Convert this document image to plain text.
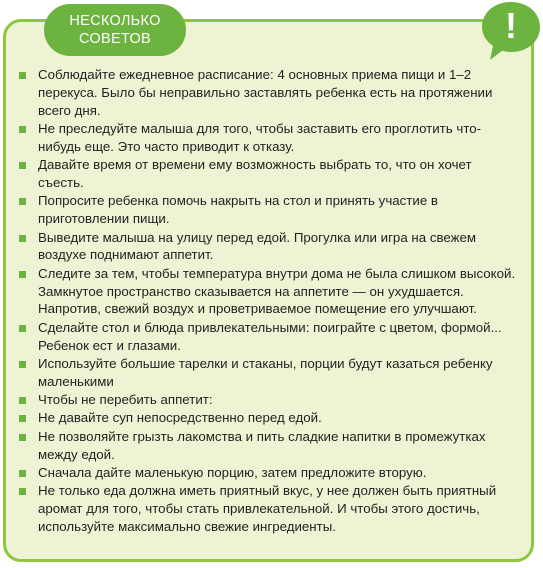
НЕСКОЛЬКО
СОВЕТОВ	!
Соблюдайте ежедневное расписание: 4 основных приема пищи и 1–2 перекуса. Было бы неправильно заставлять ребенка есть на протяжении всего дня.
Не преследуйте малыша для того, чтобы заставить его проглотить что-нибудь еще. Это часто приводит к отказу.
Давайте время от времени ему возможность выбрать то, что он хочет съесть.
Попросите ребенка помочь накрыть на стол и принять участие в приготовлении пищи.
Выведите малыша на улицу перед едой. Прогулка или игра на свежем воздухе поднимают аппетит.
Следите за тем, чтобы температура внутри дома не была слишком высокой. Замкнутое пространство сказывается на аппетите — он ухудшается. Напротив, свежий воздух и проветриваемое помещение его улучшают.
Сделайте стол и блюда привлекательными: поиграйте с цветом, формой... Ребенок ест и глазами.
Используйте большие тарелки и стаканы, порции будут казаться ребенку маленькими
Чтобы не перебить аппетит:
Не давайте суп непосредственно перед едой.
Не позволяйте грызть лакомства и пить сладкие напитки в промежутках между едой.
Сначала дайте маленькую порцию, затем предложите вторую.
Не только еда должна иметь приятный вкус, у нее должен быть приятный аромат для того, чтобы стать привлекательной. И чтобы этого достичь, используйте максимально свежие ингредиенты.
